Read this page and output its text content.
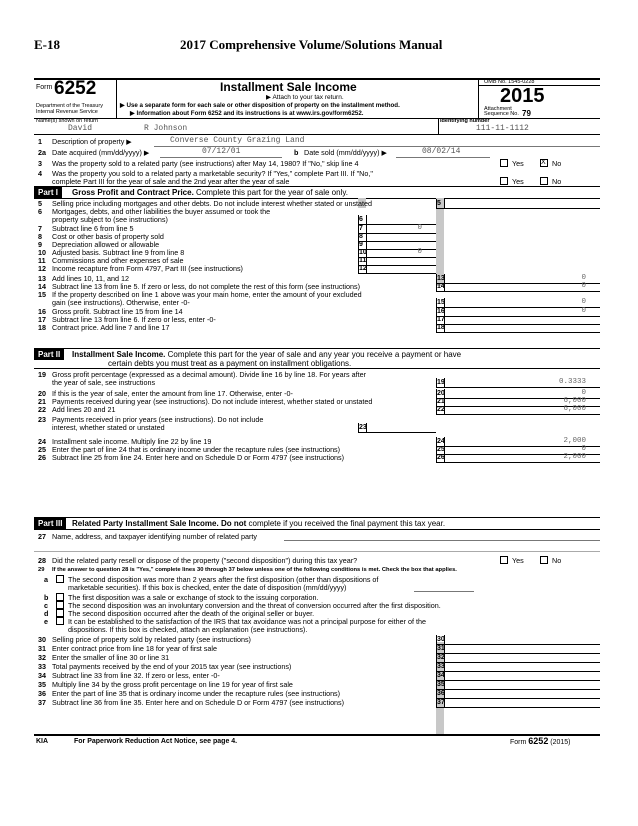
E-18	2017 Comprehensive Volume/Solutions Manual
Form 6252
Department of the Treasury
Internal Revenue Service
Installment Sale Income
▶ Attach to your tax return.
▶ Use a separate form for each sale or other disposition of property on the installment method.
▶ Information about Form 6252 and its instructions is at www.irs.gov/form6252.
OMB No. 1545-0228
2015
Attachment
Sequence No. 79
Name(s) shown on return
David	R Johnson
Identifying number
111-11-1112
1 Description of property ▶	Converse County Grazing Land
2a Date acquired (mm/dd/yyyy) ▶	07/12/01	b Date sold (mm/dd/yyyy) ▶	08/02/14
3 Was the property sold to a related party (see instructions) after May 14, 1980? If "No," skip line 4	Yes X No
4 Was the property you sold to a related party a marketable security? If "Yes," complete Part III. If "No,"
complete Part III for the year of sale and the 2nd year after the year of sale	Yes	No
Part I	Gross Profit and Contract Price. Complete this part for the year of sale only.
Part II	Installment Sale Income. Complete this part for the year of sale and any year you receive a payment or have
certain debts you must treat as a payment on installment obligations.
Part III	Related Party Installment Sale Income. Do not complete if you received the final payment this tax year.
27 Name, address, and taxpayer identifying number of related party
28 Did the related party resell or dispose of the property ("second disposition") during this tax year?	Yes	No
29 If the answer to question 28 is "Yes," complete lines 30 through 37 below unless one of the following conditions is met. Check the box that applies.
KIA	For Paperwork Reduction Act Notice, see page 4.	Form 6252 (2015)
5 Selling price including mortgages and other debts. Do not include interest whether stated or unstated	5
6 Mortgages, debts, and other liabilities the buyer assumed or took the
property subject to (see instructions)	6
7 Subtract line 6 from line 5	7	0
8 Cost or other basis of property sold	8
9 Depreciation allowed or allowable	9
10 Adjusted basis. Subtract line 9 from line 8	10	0
11 Commissions and other expenses of sale	11
12 Income recapture from Form 4797, Part III (see instructions)	12
13 Add lines 10, 11, and 12	13	0
14 Subtract line 13 from line 5. If zero or less, do not complete the rest of this form (see instructions)	14	0
15 If the property described on line 1 above was your main home, enter the amount of your excluded
gain (see instructions). Otherwise, enter -0-	15	0
16 Gross profit. Subtract line 15 from line 14	16	0
17 Subtract line 13 from line 6. If zero or less, enter -0-	17
18 Contract price. Add line 7 and line 17	18
19 Gross profit percentage (expressed as a decimal amount). Divide line 16 by line 18. For years after
the year of sale, see instructions	19	0.3333
20 If this is the year of sale, enter the amount from line 17. Otherwise, enter -0-	20	0
21 Payments received during year (see instructions). Do not include interest, whether stated or unstated	21	6,000
22 Add lines 20 and 21	22	6,000
23 Payments received in prior years (see instructions). Do not include
interest, whether stated or unstated	23
24 Installment sale income. Multiply line 22 by line 19	24	2,000
25 Enter the part of line 24 that is ordinary income under the recapture rules (see instructions)	25	0
26 Subtract line 25 from line 24. Enter here and on Schedule D or Form 4797 (see instructions)	26	2,000
a	The second disposition was more than 2 years after the first disposition (other than dispositions of
marketable securities). If this box is checked, enter the date of disposition (mm/dd/yyyy)
b	The first disposition was a sale or exchange of stock to the issuing corporation.
c	The second disposition was an involuntary conversion and the threat of conversion occurred after the first disposition.
d	The second disposition occurred after the death of the original seller or buyer.
e	It can be established to the satisfaction of the IRS that tax avoidance was not a principal purpose for either of the
dispositions. If this box is checked, attach an explanation (see instructions).
30 Selling price of property sold by related party (see instructions)	30
31 Enter contract price from line 18 for year of first sale	31
32 Enter the smaller of line 30 or line 31	32
33 Total payments received by the end of your 2015 tax year (see instructions)	33
34 Subtract line 33 from line 32. If zero or less, enter -0-	34
35 Multiply line 34 by the gross profit percentage on line 19 for year of first sale	35
36 Enter the part of line 35 that is ordinary income under the recapture rules (see instructions)	36
37 Subtract line 36 from line 35. Enter here and on Schedule D or Form 4797 (see instructions)	37
